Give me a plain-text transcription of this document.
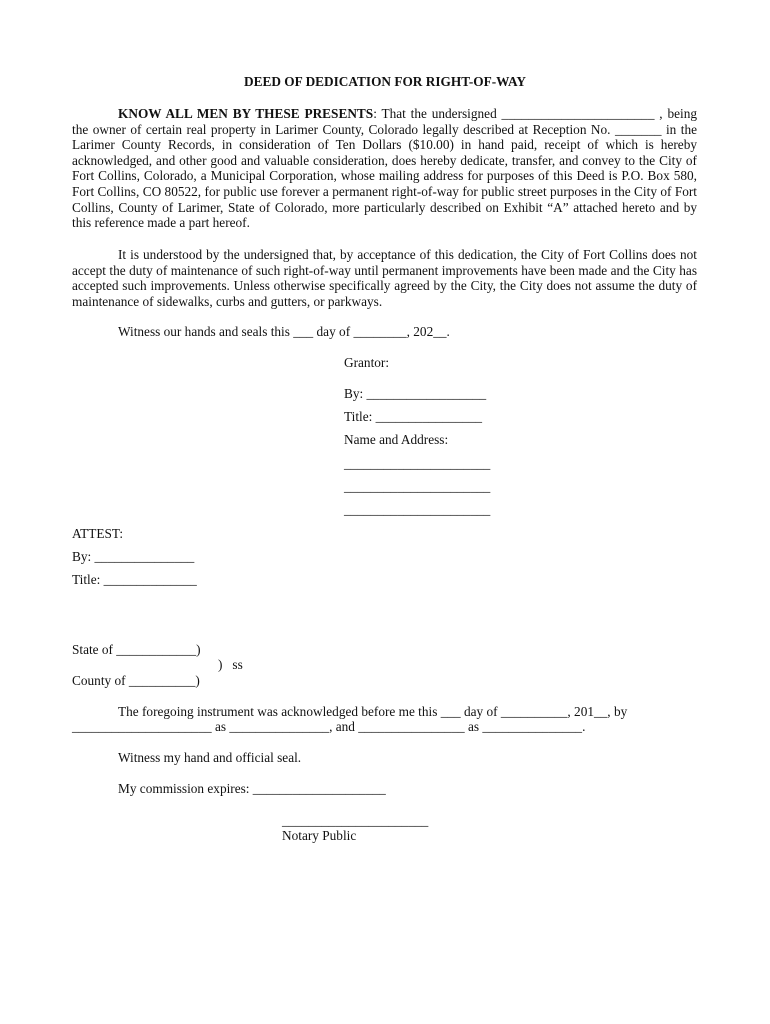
DEED OF DEDICATION FOR RIGHT-OF-WAY

KNOW ALL MEN BY THESE PRESENTS: That the undersigned _______________________ , being the owner of certain real property in Larimer County, Colorado legally described at Reception No. _______ in the Larimer County Records, in consideration of Ten Dollars ($10.00) in hand paid, receipt of which is hereby acknowledged, and other good and valuable consideration, does hereby dedicate, transfer, and convey to the City of Fort Collins, Colorado, a Municipal Corporation, whose mailing address for purposes of this Deed is P.O. Box 580, Fort Collins, CO 80522, for public use forever a permanent right-of-way for public street purposes in the City of Fort Collins, County of Larimer, State of Colorado, more particularly described on Exhibit “A” attached hereto and by this reference made a part hereof.

It is understood by the undersigned that, by acceptance of this dedication, the City of Fort Collins does not accept the duty of maintenance of such right-of-way until permanent improvements have been made and the City has accepted such improvements. Unless otherwise specifically agreed by the City, the City does not assume the duty of maintenance of sidewalks, curbs and gutters, or parkways.

Witness our hands and seals this ___ day of ________, 202__.
Grantor:
By: __________________
Title: ________________
Name and Address:
______________________
______________________
______________________
ATTEST:
By: _______________
Title: ______________
State of ____________)
)   ss
County of __________)
The foregoing instrument was acknowledged before me this ___ day of __________, 201__, by
_____________________ as _______________, and ________________ as _______________.
Witness my hand and official seal.
My commission expires: ____________________
______________________
Notary Public
